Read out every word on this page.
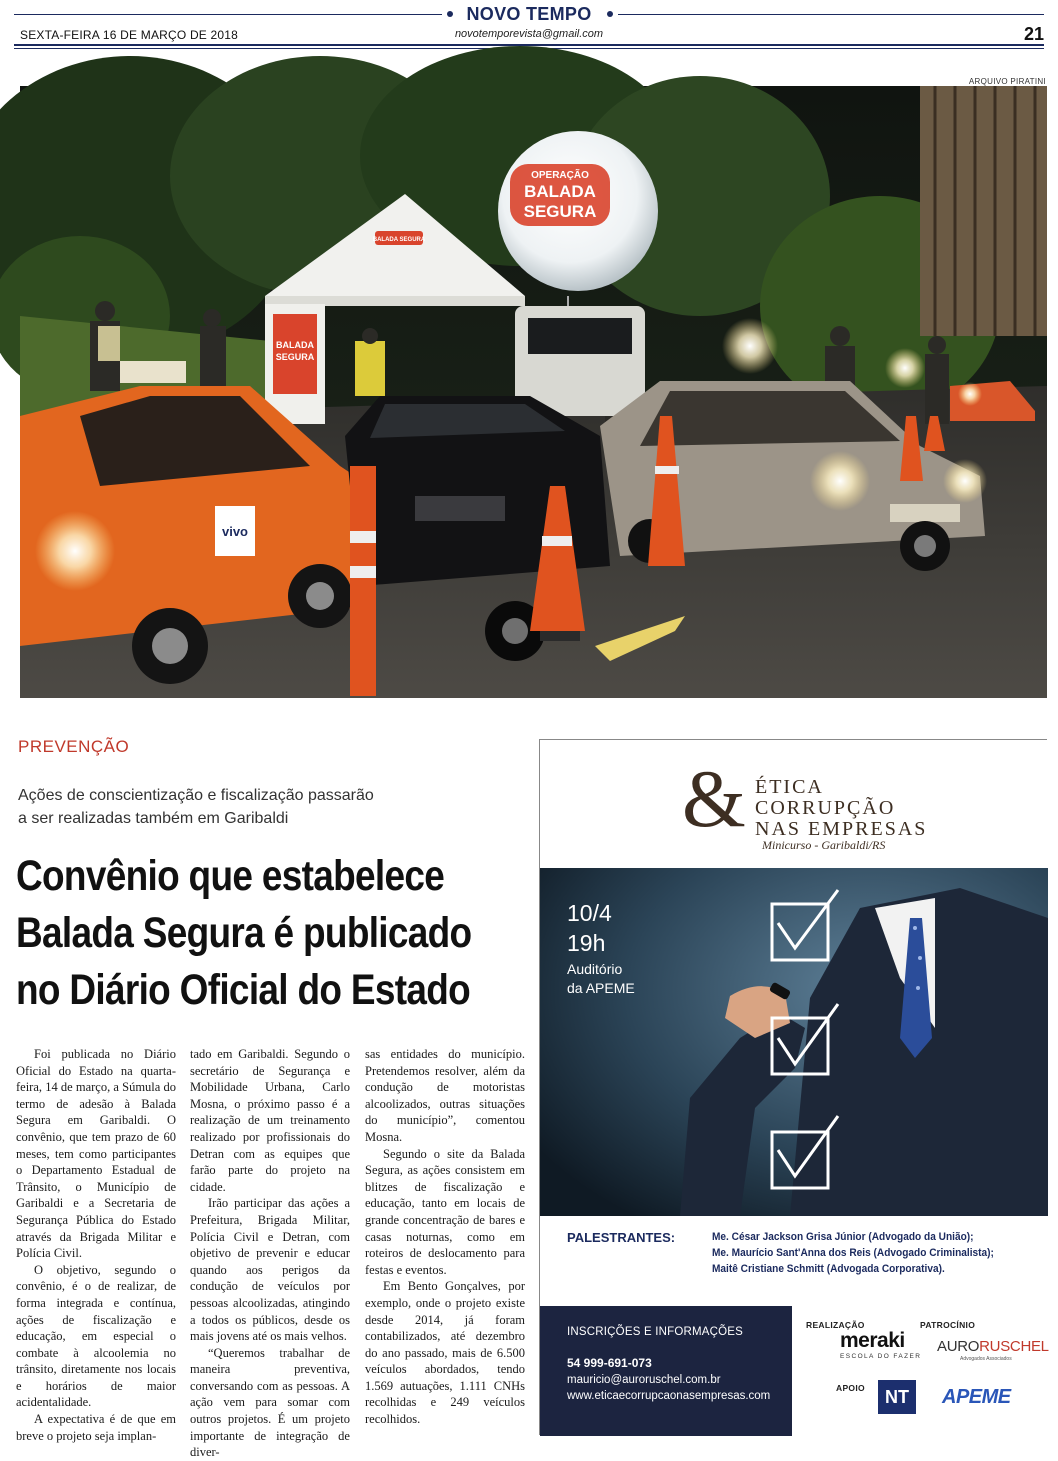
NOVO TEMPO
SEXTA-FEIRA 16 DE MARÇO DE 2018	novotemporevista@gmail.com	21
ARQUIVO PIRATINI
BALADA
SEGURA
BALADA SEGURA
OPERAÇÃO
BALADA
SEGURA
vivo
PREVENÇÃO
Ações de conscientização e fiscalização passarão
a ser realizadas também em Garibaldi
Convênio que estabelece
Balada Segura é publicado
no Diário Oficial do Estado

Foi publicada no Diário Oficial do Estado na quarta-feira, 14 de março, a Súmula do termo de adesão à Balada Segura em Garibaldi. O convênio, que tem prazo de 60 meses, tem como participantes o Departamento Estadual de Trânsito, o Município de Garibaldi e a Secretaria de Segurança Pública do Estado através da Brigada Militar e Polícia Civil.

O objetivo, segundo o convênio, é o de realizar, de forma integrada e contínua, ações de fiscalização e educação, em especial o combate à alcoolemia no trânsito, diretamente nos locais e horários de maior acidentalidade.

A expectativa é de que em breve o projeto seja implan-

tado em Garibaldi. Segundo o secretário de Segurança e Mobilidade Urbana, Carlo Mosna, o próximo passo é a realização de um treinamento realizado por profissionais do Detran com as equipes que farão parte do projeto na cidade.

Irão participar das ações a Prefeitura, Brigada Militar, Polícia Civil e Detran, com objetivo de prevenir e educar quando aos perigos da condução de veículos por pessoas alcoolizadas, atingindo a todos os públicos, desde os mais jovens até os mais velhos.

“Queremos trabalhar de maneira preventiva, conversando com as pessoas. A ação vem para somar com outros projetos. É um projeto importante de integração de diver-

sas entidades do município. Pretendemos resolver, além da condução de motoristas alcoolizados, outras situações do município”, comentou Mosna.

Segundo o site da Balada Segura, as ações consistem em blitzes de fiscalização e educação, tanto em locais de grande concentração de bares e casas noturnas, como em roteiros de deslocamento para festas e eventos.

Em Bento Gonçalves, por exemplo, onde o projeto existe desde 2014, já foram contabilizados, até dezembro do ano passado, mais de 6.500 veículos abordados, tendo 1.569 autuações, 1.111 CNHs recolhidas e 249 veículos recolhidos.

& ÉTICA
CORRUPÇÃO
NAS EMPRESAS
Minicurso - Garibaldi/RS
10/4
19h
Auditório
da APEME
PALESTRANTES:	Me. César Jackson Grisa Júnior (Advogado da União);
Me. Maurício Sant'Anna dos Reis (Advogado Criminalista);
Maitê Cristiane Schmitt (Advogada Corporativa).
INSCRIÇÕES E INFORMAÇÕES
54 999-691-073
mauricio@auroruschel.com.br
www.eticaecorrupcaonasempresas.com
REALIZAÇÃO	PATROCÍNIO
meraki
ESCOLA DO FAZER
AURORUSCHEL
Advogados Associados
APOIO	NT	APEME
